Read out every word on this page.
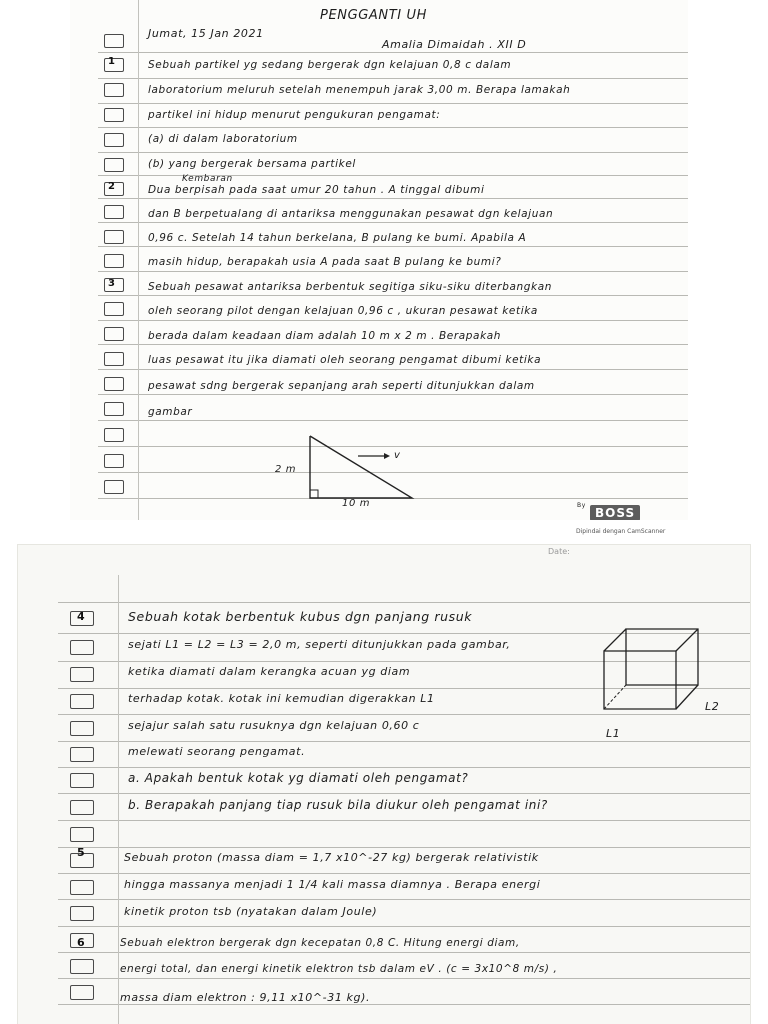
PENGGANTI UH
Jumat, 15 Jan 2021
Amalia Dimaidah . XII D
1	Sebuah partikel yg sedang bergerak dgn kelajuan 0,8 c dalam
laboratorium meluruh setelah menempuh jarak 3,00 m. Berapa lamakah
partikel ini hidup menurut pengukuran pengamat:
(a) di dalam laboratorium
(b) yang bergerak bersama partikel
2
Kembaran
Dua berpisah pada saat umur 20 tahun . A tinggal dibumi
dan B berpetualang di antariksa menggunakan pesawat dgn kelajuan
0,96 c. Setelah 14 tahun berkelana, B pulang ke bumi. Apabila A
masih hidup, berapakah usia A pada saat B pulang ke bumi?
3	Sebuah pesawat antariksa berbentuk segitiga siku-siku diterbangkan
oleh seorang pilot dengan kelajuan 0,96 c , ukuran pesawat ketika
berada dalam keadaan diam adalah 10 m x 2 m . Berapakah
luas pesawat itu jika diamati oleh seorang pengamat dibumi ketika
pesawat sdng bergerak sepanjang arah seperti ditunjukkan dalam
gambar
v
2 m
10 m	By
BOSS
Dipindai dengan CamScanner
Date:
4	Sebuah kotak berbentuk kubus dgn panjang rusuk
sejati L1 = L2 = L3 = 2,0 m, seperti ditunjukkan pada gambar,
ketika diamati dalam kerangka acuan yg diam
terhadap kotak. kotak ini kemudian digerakkan L1
sejajur salah satu rusuknya dgn kelajuan 0,60 c
melewati seorang pengamat.
a. Apakah bentuk kotak yg diamati oleh pengamat?
b. Berapakah panjang tiap rusuk bila diukur oleh pengamat ini?
L2
L1
5	Sebuah proton (massa diam = 1,7 x10^-27 kg) bergerak relativistik
hingga massanya menjadi 1 1/4 kali massa diamnya . Berapa energi
kinetik proton tsb (nyatakan dalam Joule)
6	Sebuah elektron bergerak dgn kecepatan 0,8 C. Hitung energi diam,
energi total, dan energi kinetik elektron tsb dalam eV . (c = 3x10^8 m/s) ,
massa diam elektron : 9,11 x10^-31 kg).
